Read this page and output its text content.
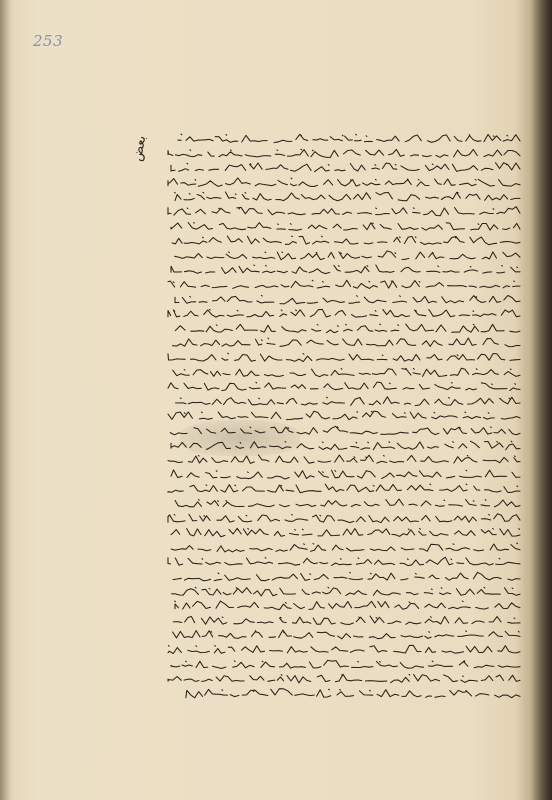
253
بعض
